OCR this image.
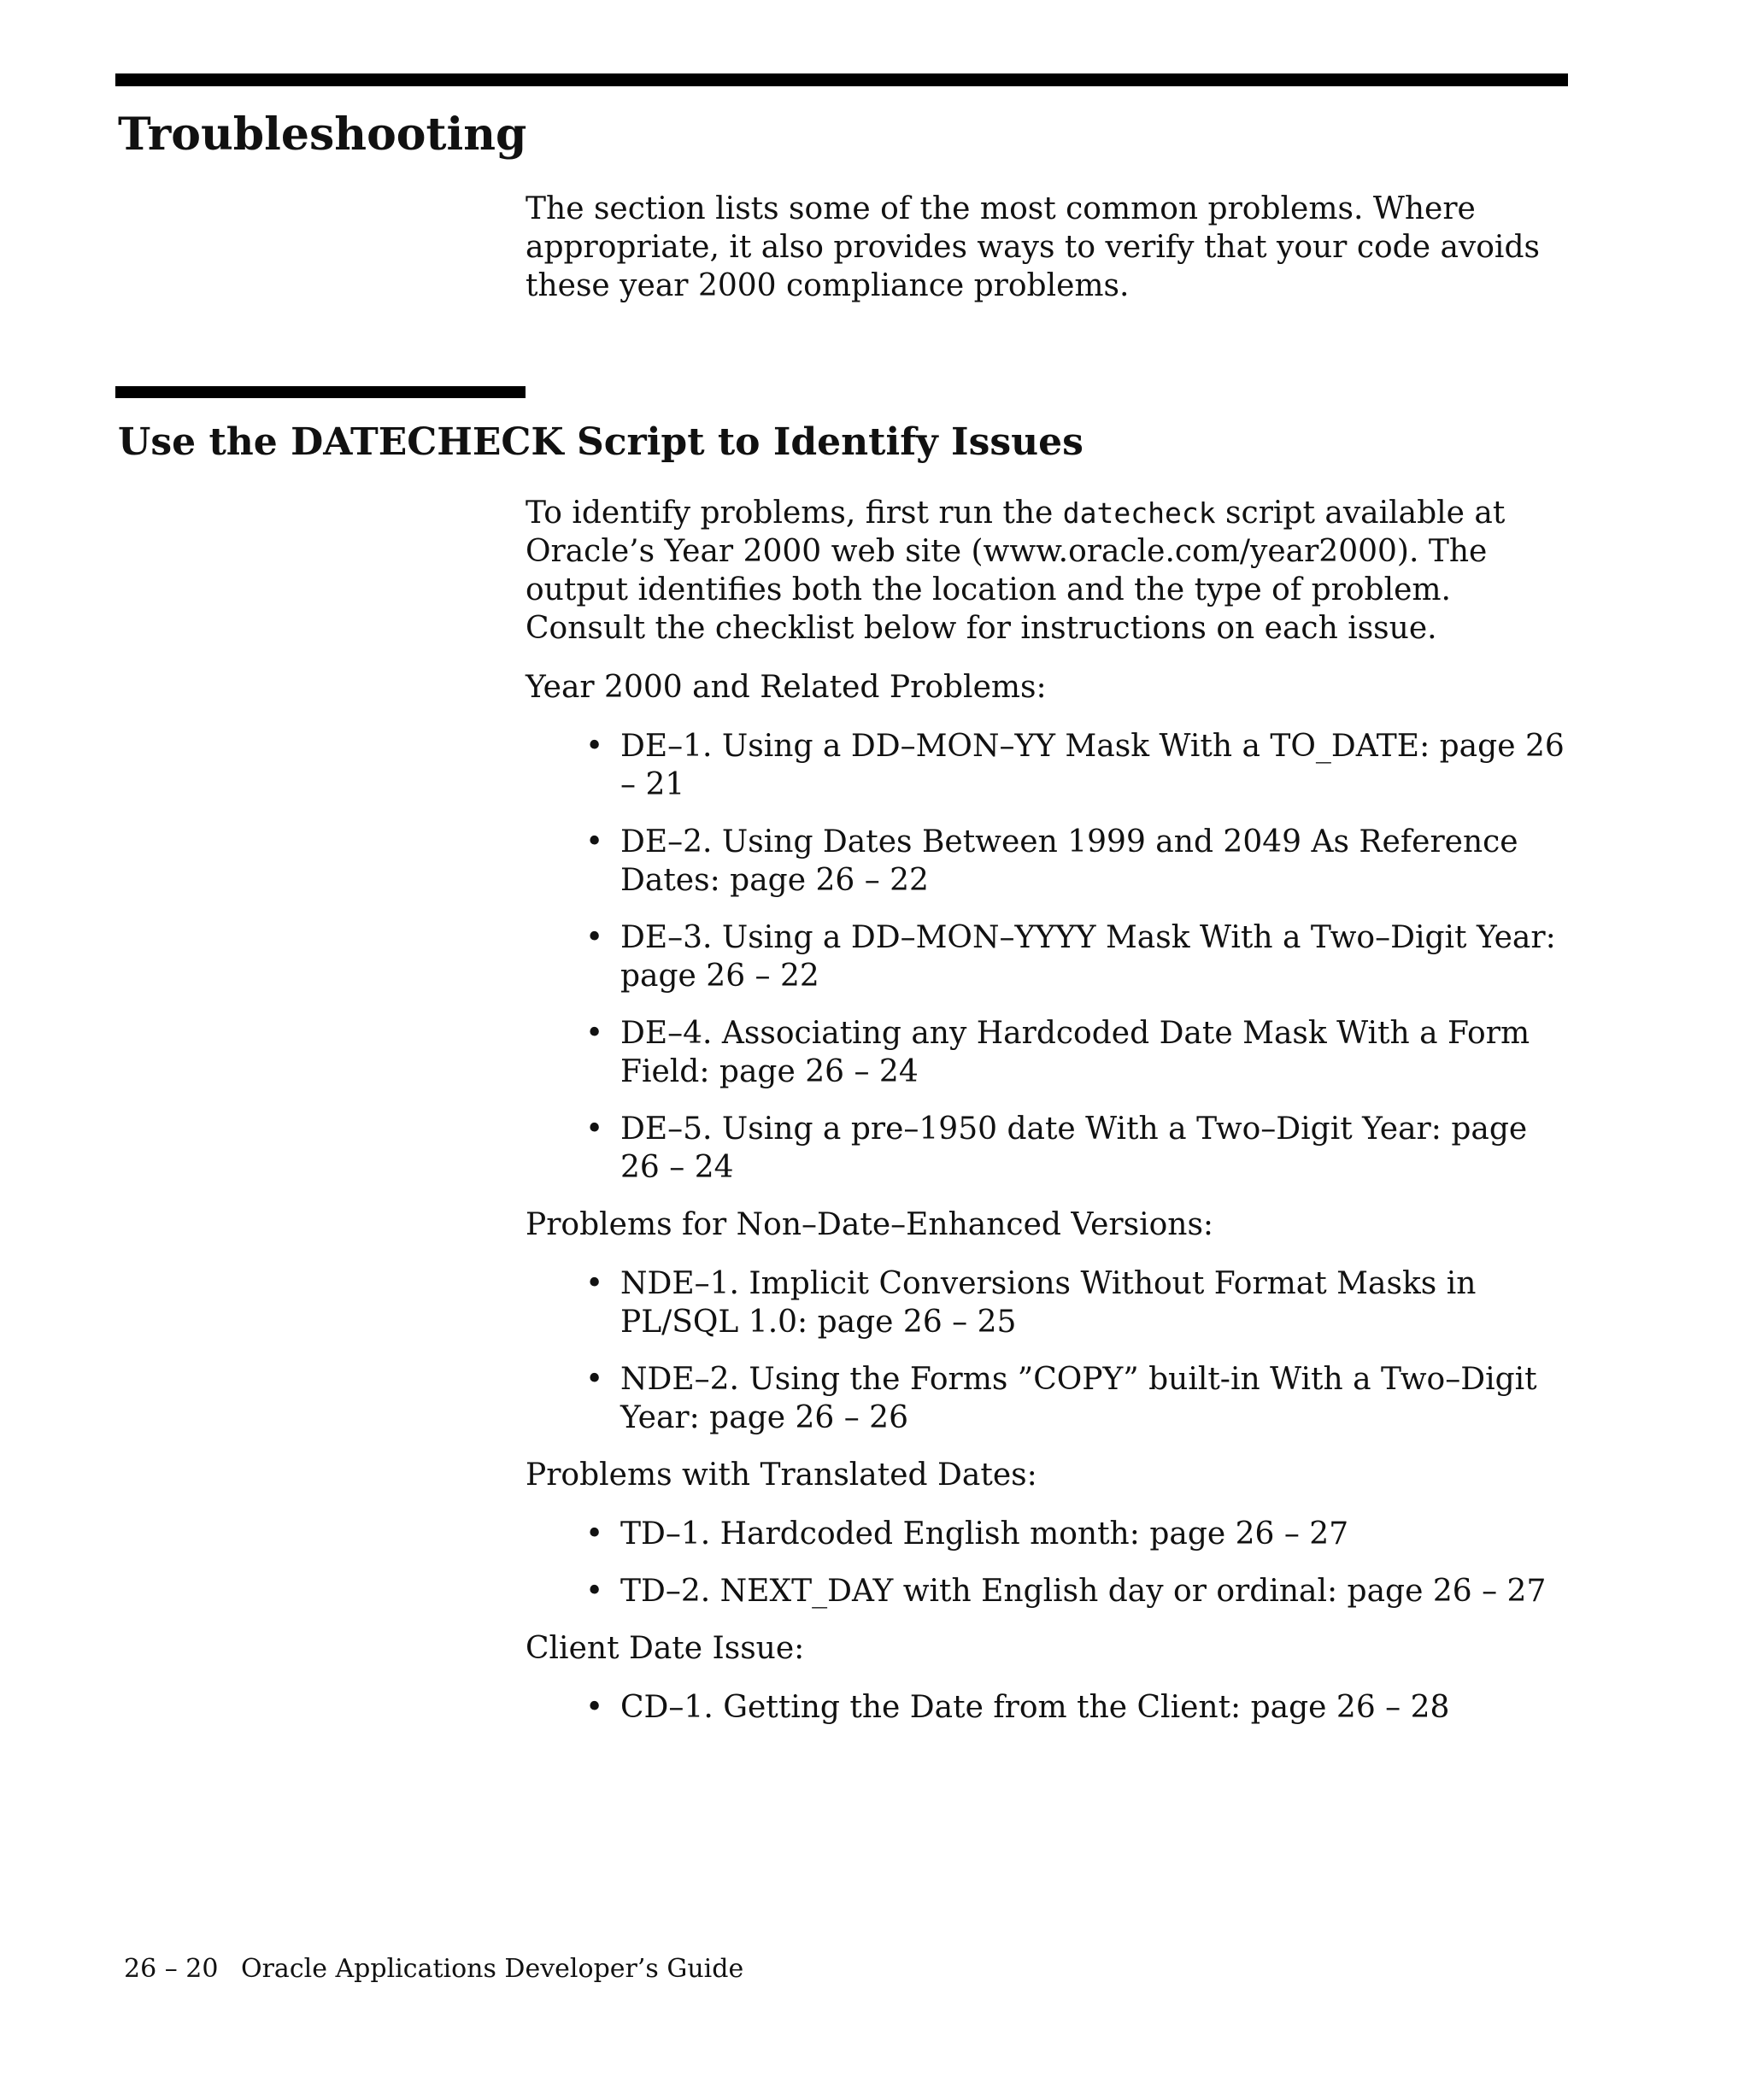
Troubleshooting
The section lists some of the most common problems. Where appropriate, it also provides ways to verify that your code avoids these year 2000 compliance problems.
Use the DATECHECK Script to Identify Issues

To identify problems, first run the datecheck script available at Oracle’s Year 2000 web site (www.oracle.com/year2000). The output identifies both the location and the type of problem. Consult the checklist below for instructions on each issue.

Year 2000 and Related Problems:

• DE–1. Using a DD–MON–YY Mask With a TO_DATE: page 26 – 21
• DE–2. Using Dates Between 1999 and 2049 As Reference Dates: page 26 – 22
• DE–3. Using a DD–MON–YYYY Mask With a Two–Digit Year: page 26 – 22
• DE–4. Associating any Hardcoded Date Mask With a Form Field: page 26 – 24
• DE–5. Using a pre–1950 date With a Two–Digit Year: page 26 – 24

Problems for Non–Date–Enhanced Versions:

• NDE–1. Implicit Conversions Without Format Masks in PL/SQL 1.0: page 26 – 25
• NDE–2. Using the Forms ”COPY” built-in With a Two–Digit Year: page 26 – 26

Problems with Translated Dates:

• TD–1. Hardcoded English month: page 26 – 27
• TD–2. NEXT_DAY with English day or ordinal: page 26 – 27

Client Date Issue:

• CD–1. Getting the Date from the Client: page 26 – 28
26 – 20 Oracle Applications Developer’s Guide
